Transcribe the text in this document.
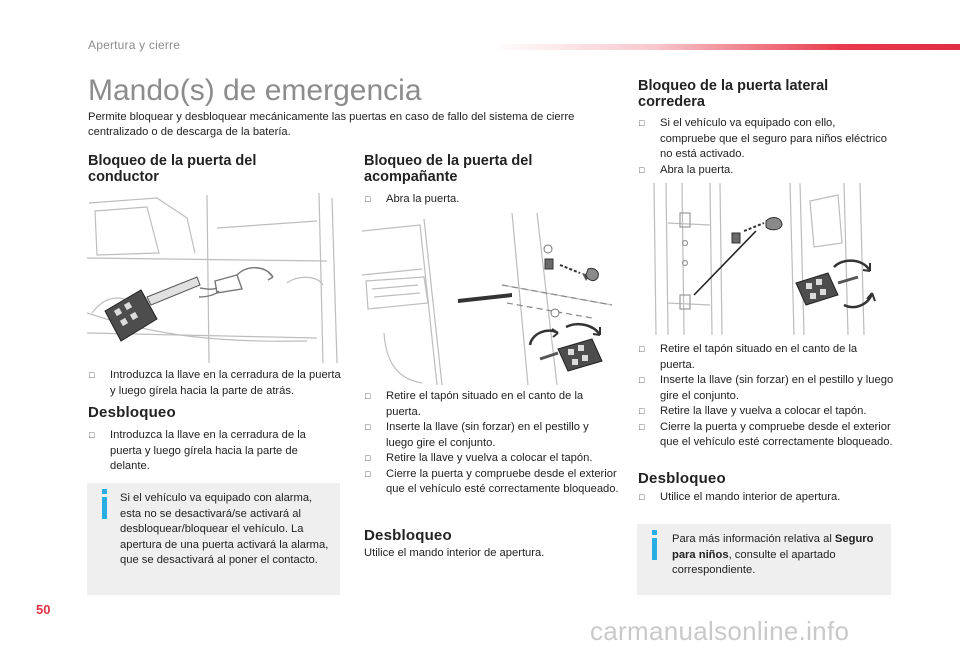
Apertura y cierre
Mando(s) de emergencia

Permite bloquear y desbloquear mecánicamente las puertas en caso de fallo del sistema de cierre centralizado o de descarga de la batería.

Bloqueo de la puerta del conductor
□ Introduzca la llave en la cerradura de la puerta y luego gírela hacia la parte de atrás.
Desbloqueo
□ Introduzca la llave en la cerradura de la puerta y luego gírela hacia la parte de delante.
Si el vehículo va equipado con alarma, esta no se desactivará/se activará al desbloquear/bloquear el vehículo. La apertura de una puerta activará la alarma, que se desactivará al poner el contacto.
Bloqueo de la puerta del acompañante
□ Abra la puerta.
□ Retire el tapón situado en el canto de la puerta.
□ Inserte la llave (sin forzar) en el pestillo y luego gire el conjunto.
□ Retire la llave y vuelva a colocar el tapón.
□ Cierre la puerta y compruebe desde el exterior que el vehículo esté correctamente bloqueado.
Desbloqueo

Utilice el mando interior de apertura.

Bloqueo de la puerta lateral corredera
□ Si el vehículo va equipado con ello, compruebe que el seguro para niños eléctrico no está activado.
□ Abra la puerta.
□ Retire el tapón situado en el canto de la puerta.
□ Inserte la llave (sin forzar) en el pestillo y luego gire el conjunto.
□ Retire la llave y vuelva a colocar el tapón.
□ Cierre la puerta y compruebe desde el exterior que el vehículo esté correctamente bloqueado.
Desbloqueo
□ Utilice el mando interior de apertura.
Para más información relativa al Seguro para niños, consulte el apartado correspondiente.
50
carmanualsonline.info
